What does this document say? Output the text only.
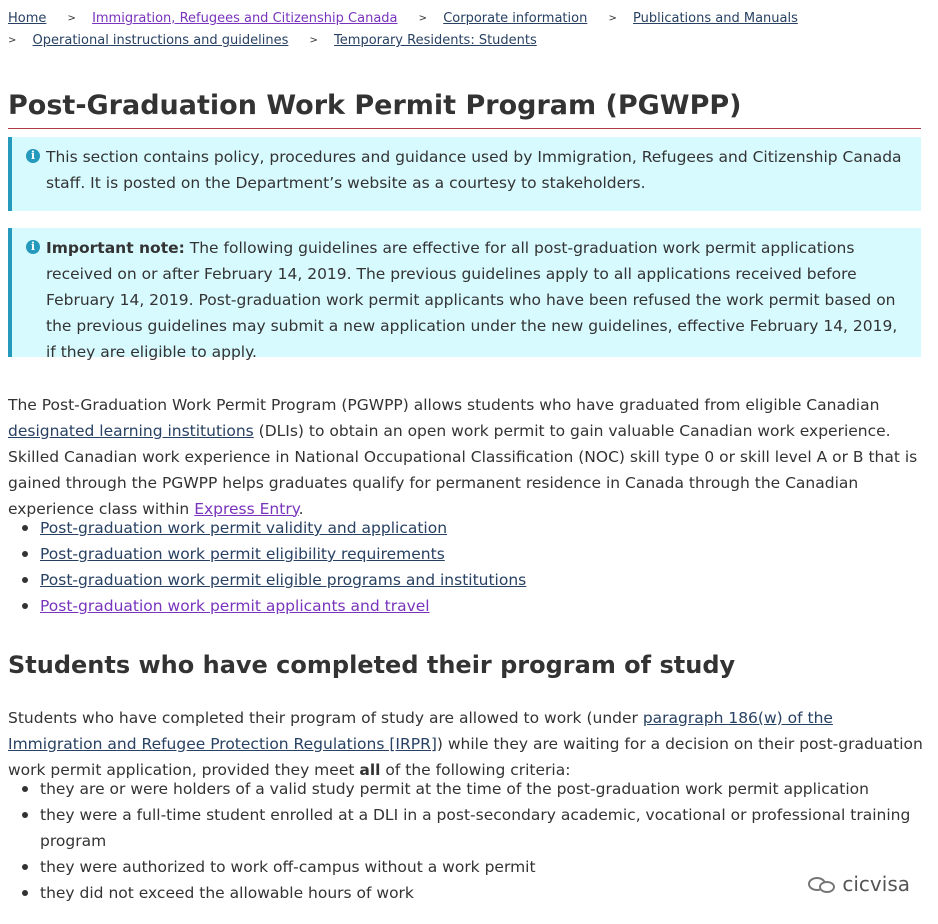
Home > Immigration, Refugees and Citizenship Canada > Corporate information > Publications and Manuals
> Operational instructions and guidelines > Temporary Residents: Students
Post-Graduation Work Permit Program (PGWPP)
i This section contains policy, procedures and guidance used by Immigration, Refugees and Citizenship Canada staff. It is posted on the Department’s website as a courtesy to stakeholders.
i Important note: The following guidelines are effective for all post-graduation work permit applications received on or after February 14, 2019. The previous guidelines apply to all applications received before February 14, 2019. Post-graduation work permit applicants who have been refused the work permit based on the previous guidelines may submit a new application under the new guidelines, effective February 14, 2019, if they are eligible to apply.

The Post-Graduation Work Permit Program (PGWPP) allows students who have graduated from eligible Canadian designated learning institutions (DLIs) to obtain an open work permit to gain valuable Canadian work experience. Skilled Canadian work experience in National Occupational Classification (NOC) skill type 0 or skill level A or B that is gained through the PGWPP helps graduates qualify for permanent residence in Canada through the Canadian experience class within Express Entry.

Post-graduation work permit validity and application
Post-graduation work permit eligibility requirements
Post-graduation work permit eligible programs and institutions
Post-graduation work permit applicants and travel
Students who have completed their program of study

Students who have completed their program of study are allowed to work (under paragraph 186(w) of the Immigration and Refugee Protection Regulations [IRPR]) while they are waiting for a decision on their post-graduation work permit application, provided they meet all of the following criteria:

they are or were holders of a valid study permit at the time of the post-graduation work permit application
they were a full-time student enrolled at a DLI in a post-secondary academic, vocational or professional training program
they were authorized to work off-campus without a work permit
they did not exceed the allowable hours of work	cicvisa
